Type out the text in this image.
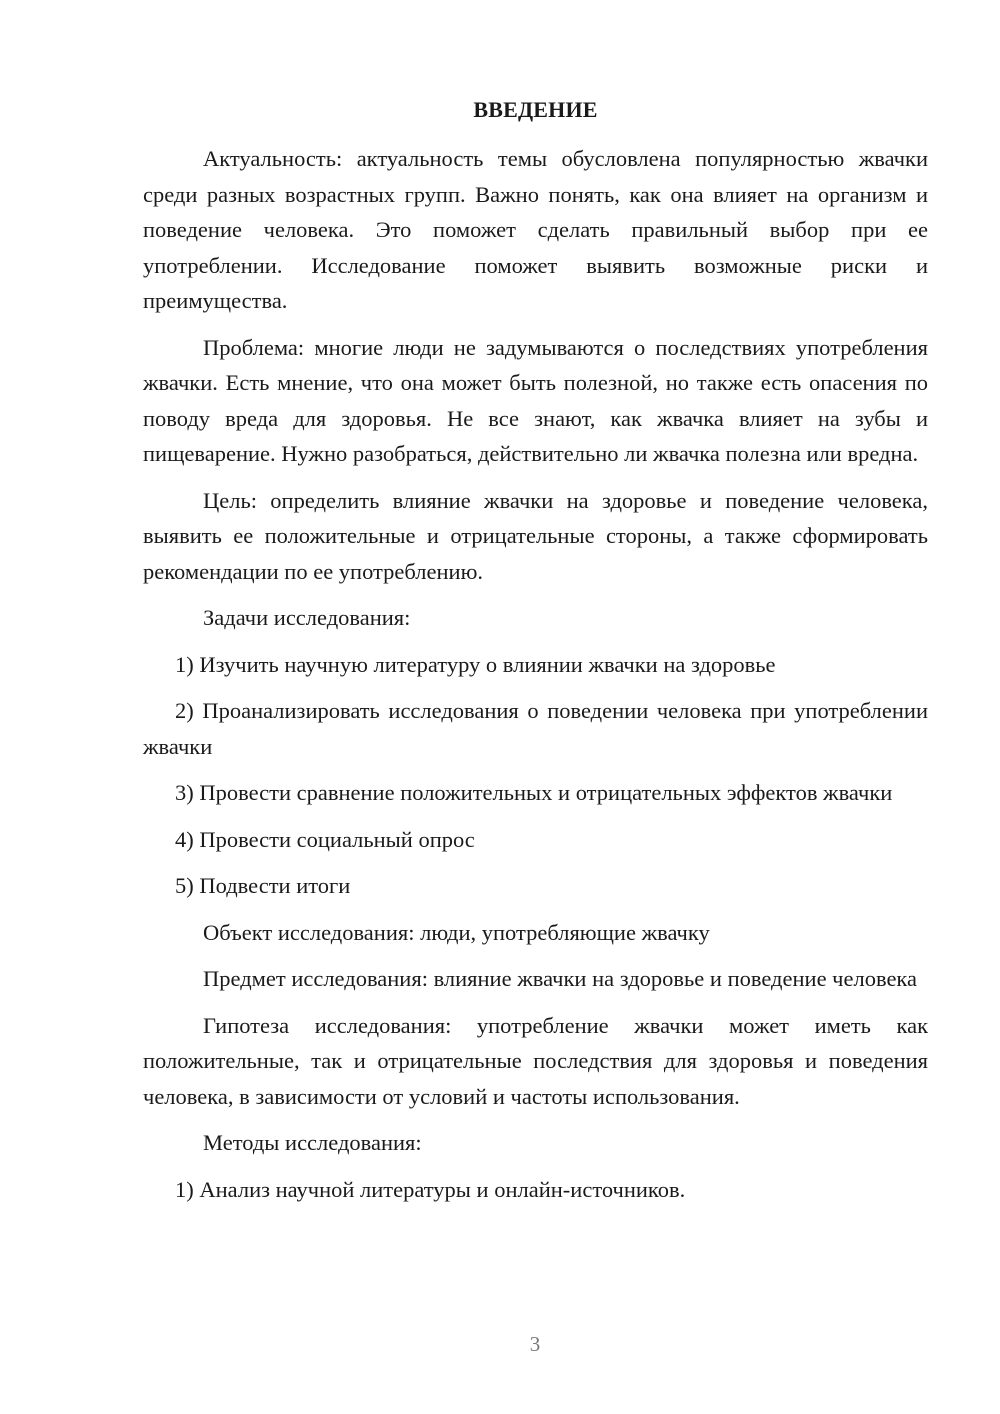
ВВЕДЕНИЕ

Актуальность: актуальность темы обусловлена популярностью жвачки среди разных возрастных групп. Важно понять, как она влияет на организм и поведение человека. Это поможет сделать правильный выбор при ее употреблении. Исследование поможет выявить возможные риски и преимущества.

Проблема: многие люди не задумываются о последствиях употребления жвачки. Есть мнение, что она может быть полезной, но также есть опасения по поводу вреда для здоровья. Не все знают, как жвачка влияет на зубы и пищеварение. Нужно разобраться, действительно ли жвачка полезна или вредна.

Цель: определить влияние жвачки на здоровье и поведение человека, выявить ее положительные и отрицательные стороны, а также сформировать рекомендации по ее употреблению.

Задачи исследования:

1) Изучить научную литературу о влиянии жвачки на здоровье

2) Проанализировать исследования о поведении человека при употреблении жвачки

3) Провести сравнение положительных и отрицательных эффектов жвачки

4) Провести социальный опрос

5) Подвести итоги

Объект исследования: люди, употребляющие жвачку

Предмет исследования: влияние жвачки на здоровье и поведение человека

Гипотеза исследования: употребление жвачки может иметь как положительные, так и отрицательные последствия для здоровья и поведения человека, в зависимости от условий и частоты использования.

Методы исследования:

1) Анализ научной литературы и онлайн-источников.

3
